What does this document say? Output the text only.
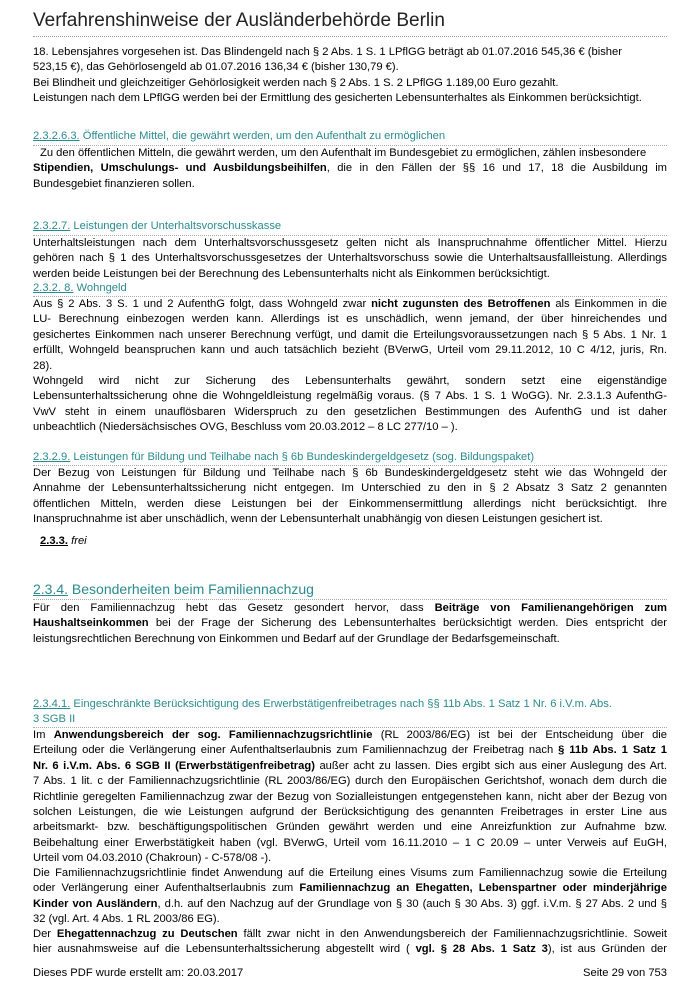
Verfahrenshinweise der Ausländerbehörde Berlin
18. Lebensjahres vorgesehen ist. Das Blindengeld nach § 2 Abs. 1 S. 1 LPflGG beträgt ab 01.07.2016 545,36 € (bisher
523,15 €), das Gehörlosengeld ab 01.07.2016 136,34 € (bisher 130,79 €).
Bei Blindheit und gleichzeitiger Gehörlosigkeit werden nach § 2 Abs. 1 S. 2 LPflGG 1.189,00 Euro gezahlt.
Leistungen nach dem LPflGG werden bei der Ermittlung des gesicherten Lebensunterhaltes als Einkommen berücksichtigt.
2.3.2.6.3. Öffentliche Mittel, die gewährt werden, um den Aufenthalt zu ermöglichen
Zu den öffentlichen Mitteln, die gewährt werden, um den Aufenthalt im Bundesgebiet zu ermöglichen, zählen insbesondere
Stipendien, Umschulungs- und Ausbildungsbeihilfen, die in den Fällen der §§ 16 und 17, 18 die Ausbildung im
Bundesgebiet finanzieren sollen.
2.3.2.7. Leistungen der Unterhaltsvorschusskasse
Unterhaltsleistungen nach dem Unterhaltsvorschussgesetz gelten nicht als Inanspruchnahme öffentlicher Mittel. Hierzu
gehören nach § 1 des Unterhaltsvorschussgesetzes der Unterhaltsvorschuss sowie die Unterhaltsausfallleistung. Allerdings
werden beide Leistungen bei der Berechnung des Lebensunterhalts nicht als Einkommen berücksichtigt.
2.3.2. 8. Wohngeld
Aus § 2 Abs. 3 S. 1 und 2 AufenthG folgt, dass Wohngeld zwar nicht zugunsten des Betroffenen als Einkommen in die
LU- Berechnung einbezogen werden kann. Allerdings ist es unschädlich, wenn jemand, der über hinreichendes und
gesichertes Einkommen nach unserer Berechnung verfügt, und damit die Erteilungsvoraussetzungen nach § 5 Abs. 1 Nr. 1
erfüllt, Wohngeld beanspruchen kann und auch tatsächlich bezieht (BVerwG, Urteil vom 29.11.2012, 10 C 4/12, juris, Rn.
28).
Wohngeld wird nicht zur Sicherung des Lebensunterhalts gewährt, sondern setzt eine eigenständige
Lebensunterhaltssicherung ohne die Wohngeldleistung regelmäßig voraus. (§ 7 Abs. 1 S. 1 WoGG). Nr. 2.3.1.3 AufenthG-
VwV steht in einem unauflösbaren Widerspruch zu den gesetzlichen Bestimmungen des AufenthG und ist daher
unbeachtlich (Niedersächsisches OVG, Beschluss vom 20.03.2012 – 8 LC 277/10 – ).
2.3.2.9. Leistungen für Bildung und Teilhabe nach § 6b Bundeskindergeldgesetz (sog. Bildungspaket)
Der Bezug von Leistungen für Bildung und Teilhabe nach § 6b Bundeskindergeldgesetz steht wie das Wohngeld der
Annahme der Lebensunterhaltssicherung nicht entgegen. Im Unterschied zu den in § 2 Absatz 3 Satz 2 genannten
öffentlichen Mitteln, werden diese Leistungen bei der Einkommensermittlung allerdings nicht berücksichtigt. Ihre
Inanspruchnahme ist aber unschädlich, wenn der Lebensunterhalt unabhängig von diesen Leistungen gesichert ist.
2.3.3. frei
2.3.4. Besonderheiten beim Familiennachzug
Für den Familiennachzug hebt das Gesetz gesondert hervor, dass Beiträge von Familienangehörigen zum
Haushaltseinkommen bei der Frage der Sicherung des Lebensunterhaltes berücksichtigt werden. Dies entspricht der
leistungsrechtlichen Berechnung von Einkommen und Bedarf auf der Grundlage der Bedarfsgemeinschaft.
2.3.4.1. Eingeschränkte Berücksichtigung des Erwerbstätigenfreibetrages nach §§ 11b Abs. 1 Satz 1 Nr. 6 i.V.m. Abs.
3 SGB II
Im Anwendungsbereich der sog. Familiennachzugsrichtlinie (RL 2003/86/EG) ist bei der Entscheidung über die
Erteilung oder die Verlängerung einer Aufenthaltserlaubnis zum Familiennachzug der Freibetrag nach § 11b Abs. 1 Satz 1
Nr. 6 i.V.m. Abs. 6 SGB II (Erwerbstätigenfreibetrag) außer acht zu lassen. Dies ergibt sich aus einer Auslegung des Art.
7 Abs. 1 lit. c der Familiennachzugsrichtlinie (RL 2003/86/EG) durch den Europäischen Gerichtshof, wonach dem durch die
Richtlinie geregelten Familiennachzug zwar der Bezug von Sozialleistungen entgegenstehen kann, nicht aber der Bezug von
solchen Leistungen, die wie Leistungen aufgrund der Berücksichtigung des genannten Freibetrages in erster Line aus
arbeitsmarkt- bzw. beschäftigungspolitischen Gründen gewährt werden und eine Anreizfunktion zur Aufnahme bzw.
Beibehaltung einer Erwerbstätigkeit haben (vgl. BVerwG, Urteil vom 16.11.2010 – 1 C 20.09 – unter Verweis auf EuGH,
Urteil vom 04.03.2010 (Chakroun) - C-578/08 -).
Die Familiennachzugsrichtlinie findet Anwendung auf die Erteilung eines Visums zum Familiennachzug sowie die Erteilung
oder Verlängerung einer Aufenthaltserlaubnis zum Familiennachzug an Ehegatten, Lebenspartner oder minderjährige
Kinder von Ausländern, d.h. auf den Nachzug auf der Grundlage von § 30 (auch § 30 Abs. 3) ggf. i.V.m. § 27 Abs. 2 und §
32 (vgl. Art. 4 Abs. 1 RL 2003/86 EG).
Der Ehegattennachzug zu Deutschen fällt zwar nicht in den Anwendungsbereich der Familiennachzugsrichtlinie. Soweit
hier ausnahmsweise auf die Lebensunterhaltssicherung abgestellt wird ( vgl. § 28 Abs. 1 Satz 3), ist aus Gründen der
Dieses PDF wurde erstellt am: 20.03.2017	Seite 29 von 753
